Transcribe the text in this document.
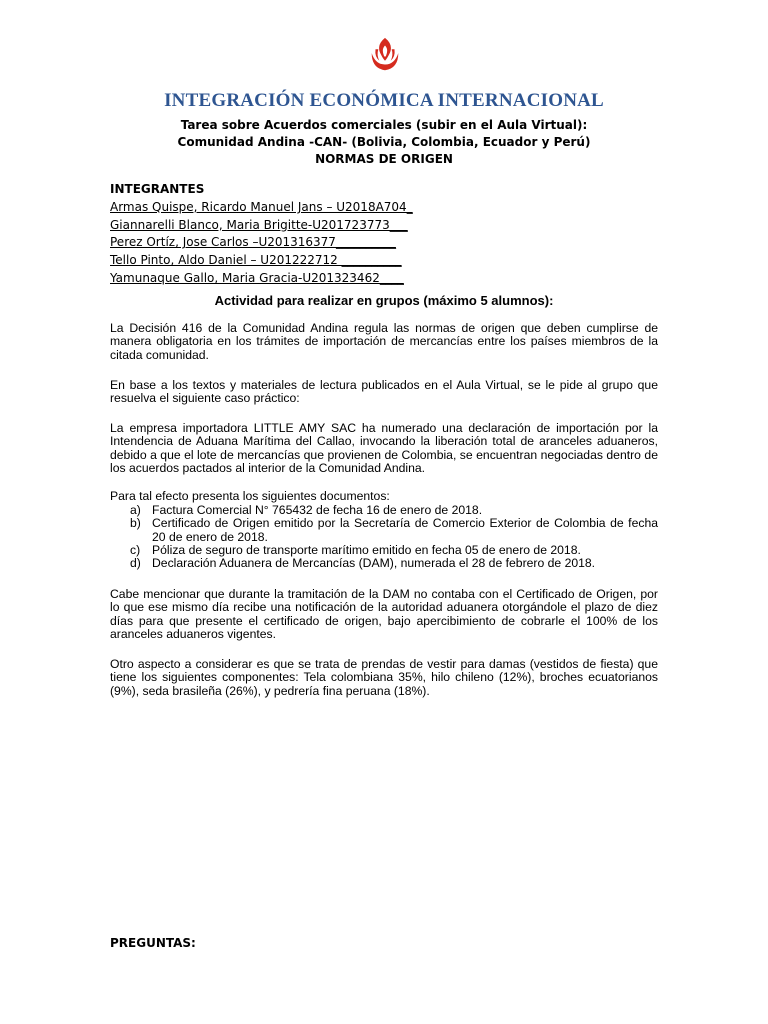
INTEGRACIÓN ECONÓMICA INTERNACIONAL
Tarea sobre Acuerdos comerciales (subir en el Aula Virtual):
Comunidad Andina -CAN- (Bolivia, Colombia, Ecuador y Perú)
NORMAS DE ORIGEN
INTEGRANTES
Armas Quispe, Ricardo Manuel Jans – U2018A704_
Giannarelli Blanco, Maria Brigitte-U201723773___
Perez Ortíz, Jose Carlos –U201316377__________
Tello Pinto, Aldo Daniel – U201222712 __________
Yamunaque Gallo, Maria Gracia-U201323462____
Actividad para realizar en grupos (máximo 5 alumnos):
La Decisión 416 de la Comunidad Andina regula las normas de origen que deben cumplirse de manera obligatoria en los trámites de importación de mercancías entre los países miembros de la citada comunidad.
En base a los textos y materiales de lectura publicados en el Aula Virtual, se le pide al grupo que resuelva el siguiente caso práctico:
La empresa importadora LITTLE AMY SAC ha numerado una declaración de importación por la Intendencia de Aduana Marítima del Callao, invocando la liberación total de aranceles aduaneros, debido a que el lote de mercancías que provienen de Colombia, se encuentran negociadas dentro de los acuerdos pactados al interior de la Comunidad Andina.
Para tal efecto presenta los siguientes documentos:
a) Factura Comercial N° 765432 de fecha 16 de enero de 2018.
b) Certificado de Origen emitido por la Secretaría de Comercio Exterior de Colombia de fecha 20 de enero de 2018.
c) Póliza de seguro de transporte marítimo emitido en fecha 05 de enero de 2018.
d) Declaración Aduanera de Mercancías (DAM), numerada el 28 de febrero de 2018.
Cabe mencionar que durante la tramitación de la DAM no contaba con el Certificado de Origen, por lo que ese mismo día recibe una notificación de la autoridad aduanera otorgándole el plazo de diez días para que presente el certificado de origen, bajo apercibimiento de cobrarle el 100% de los aranceles aduaneros vigentes.
Otro aspecto a considerar es que se trata de prendas de vestir para damas (vestidos de fiesta) que tiene los siguientes componentes: Tela colombiana 35%, hilo chileno (12%), broches ecuatorianos (9%), seda brasileña (26%), y pedrería fina peruana (18%).
PREGUNTAS:
